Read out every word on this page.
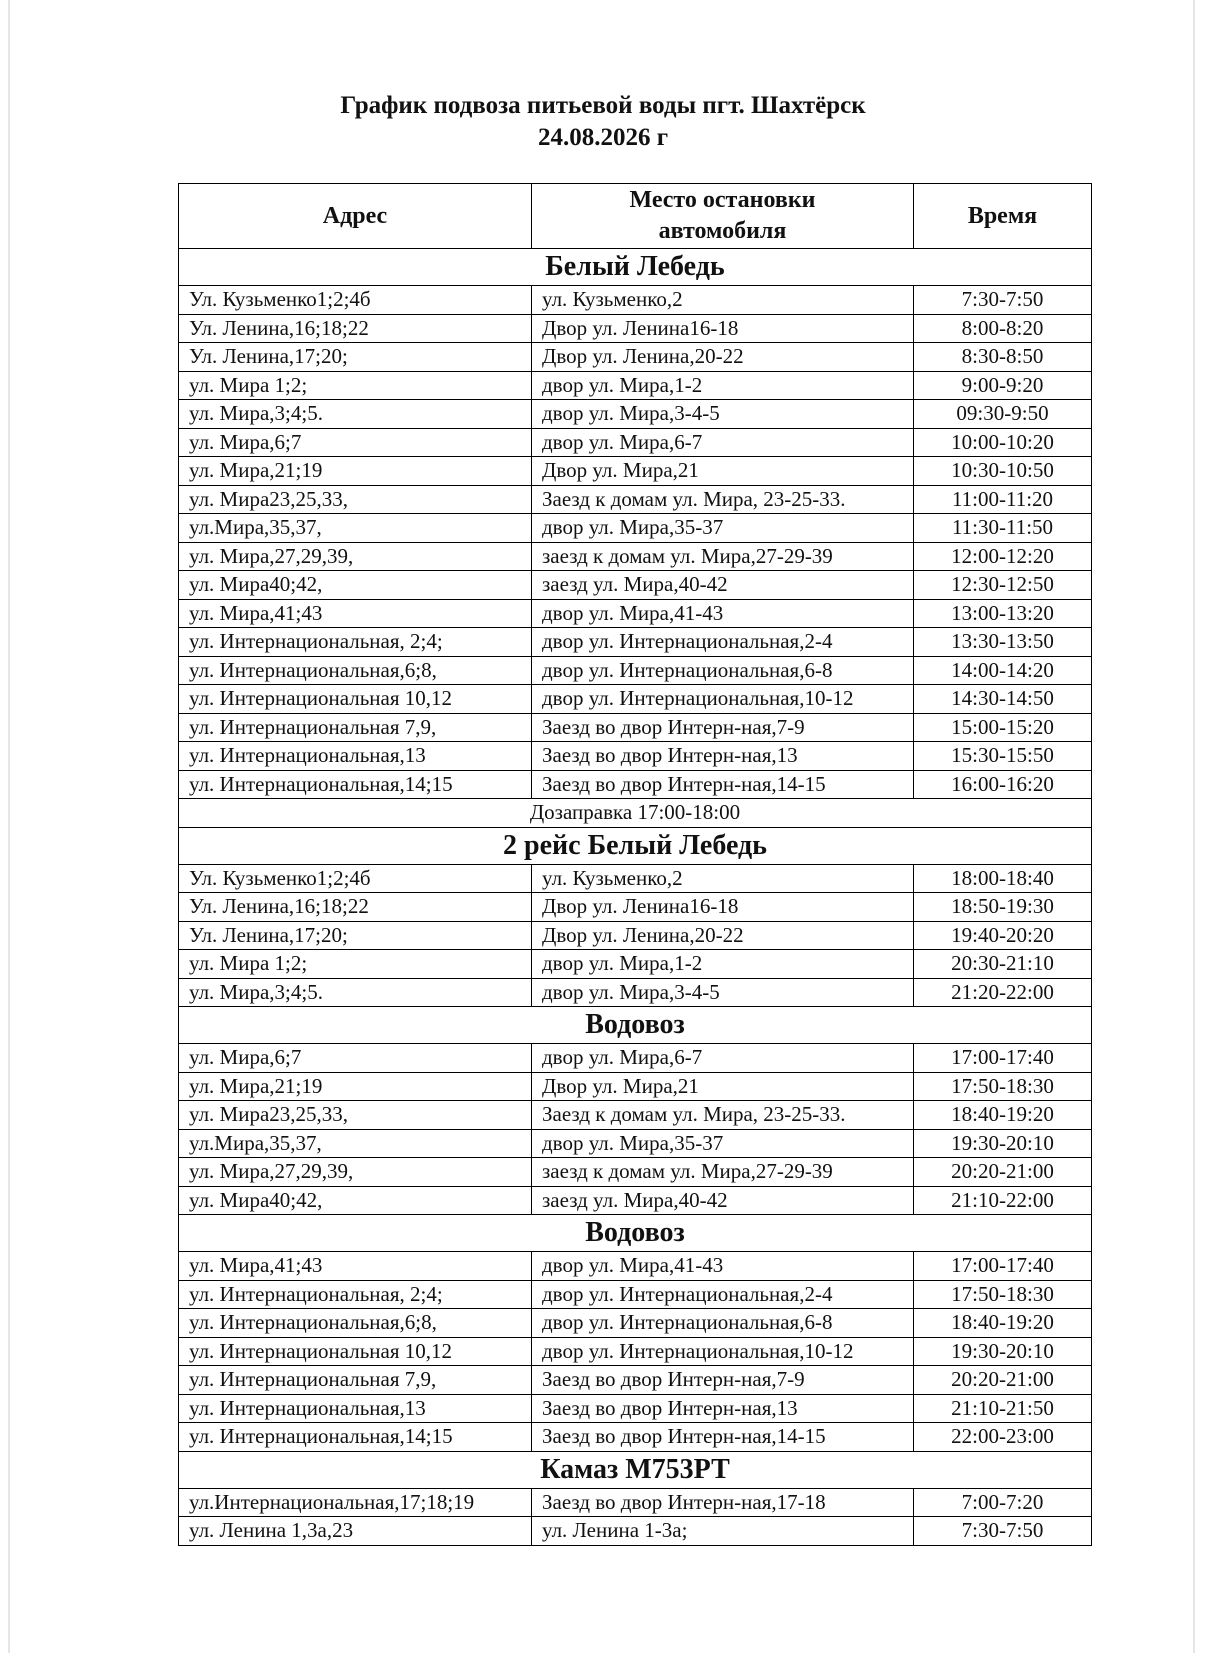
График подвоза питьевой воды пгт. Шахтёрск
24.08.2026 г
Адрес	Место остановки автомобиля	Время
Белый Лебедь		
Ул. Кузьменко1;2;4б	ул. Кузьменко,2	7:30-7:50
Ул. Ленина,16;18;22	Двор ул. Ленина16-18	8:00-8:20
Ул. Ленина,17;20;	Двор ул. Ленина,20-22	8:30-8:50
ул. Мира 1;2;	двор ул. Мира,1-2	9:00-9:20
ул. Мира,3;4;5.	двор ул. Мира,3-4-5	09:30-9:50
ул. Мира,6;7	двор ул. Мира,6-7	10:00-10:20
ул. Мира,21;19	Двор ул. Мира,21	10:30-10:50
ул. Мира23,25,33,	Заезд к домам ул. Мира, 23-25-33.	11:00-11:20
ул.Мира,35,37,	двор ул. Мира,35-37	11:30-11:50
ул. Мира,27,29,39,	заезд к домам ул. Мира,27-29-39	12:00-12:20
ул. Мира40;42,	заезд ул. Мира,40-42	12:30-12:50
ул. Мира,41;43	двор ул. Мира,41-43	13:00-13:20
ул. Интернациональная, 2;4;	двор ул. Интернациональная,2-4	13:30-13:50
ул. Интернациональная,6;8,	двор ул. Интернациональная,6-8	14:00-14:20
ул. Интернациональная 10,12	двор ул. Интернациональная,10-12	14:30-14:50
ул. Интернациональная 7,9,	Заезд во двор Интерн-ная,7-9	15:00-15:20
ул. Интернациональная,13	Заезд во двор Интерн-ная,13	15:30-15:50
ул. Интернациональная,14;15	Заезд во двор Интерн-ная,14-15	16:00-16:20
Дозаправка 17:00-18:00		
2 рейс Белый Лебедь		
Ул. Кузьменко1;2;4б	ул. Кузьменко,2	18:00-18:40
Ул. Ленина,16;18;22	Двор ул. Ленина16-18	18:50-19:30
Ул. Ленина,17;20;	Двор ул. Ленина,20-22	19:40-20:20
ул. Мира 1;2;	двор ул. Мира,1-2	20:30-21:10
ул. Мира,3;4;5.	двор ул. Мира,3-4-5	21:20-22:00
Водовоз		
ул. Мира,6;7	двор ул. Мира,6-7	17:00-17:40
ул. Мира,21;19	Двор ул. Мира,21	17:50-18:30
ул. Мира23,25,33,	Заезд к домам ул. Мира, 23-25-33.	18:40-19:20
ул.Мира,35,37,	двор ул. Мира,35-37	19:30-20:10
ул. Мира,27,29,39,	заезд к домам ул. Мира,27-29-39	20:20-21:00
ул. Мира40;42,	заезд ул. Мира,40-42	21:10-22:00
Водовоз		
ул. Мира,41;43	двор ул. Мира,41-43	17:00-17:40
ул. Интернациональная, 2;4;	двор ул. Интернациональная,2-4	17:50-18:30
ул. Интернациональная,6;8,	двор ул. Интернациональная,6-8	18:40-19:20
ул. Интернациональная 10,12	двор ул. Интернациональная,10-12	19:30-20:10
ул. Интернациональная 7,9,	Заезд во двор Интерн-ная,7-9	20:20-21:00
ул. Интернациональная,13	Заезд во двор Интерн-ная,13	21:10-21:50
ул. Интернациональная,14;15	Заезд во двор Интерн-ная,14-15	22:00-23:00
Камаз М753РТ		
ул.Интернациональная,17;18;19	Заезд во двор Интерн-ная,17-18	7:00-7:20
ул. Ленина 1,3а,23	ул. Ленина 1-3а;	7:30-7:50
